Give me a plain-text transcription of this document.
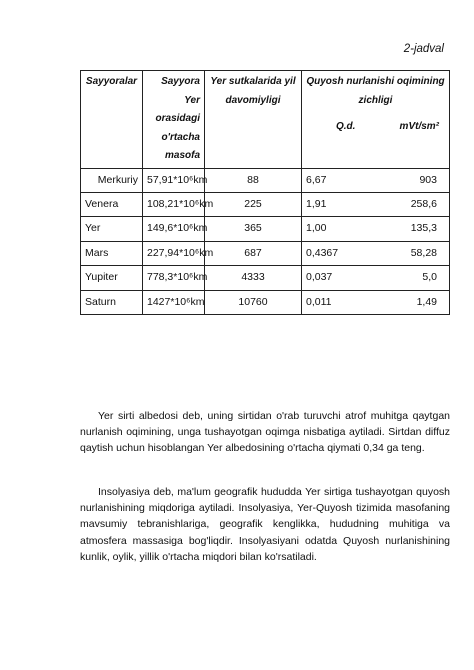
2-jadval
Sayyoralar	Sayyora Yer orasidagi o'rtacha masofa	Yer sutkalarida yil davomiyligi	Quyosh nurlanishi oqimining zichligi
Q.d. mVt/sm²

Merkuriy	57,91*10⁶km	88	6,67 903

Venera	108,21*10⁶km	225	1,91 258,6

Yer	149,6*10⁶km	365	1,00 135,3

Mars	227,94*10⁶km	687	0,4367 58,28

Yupiter	778,3*10⁶km	4333	0,037 5,0

Saturn	1427*10⁶km	10760	0,011 1,49

Yer sirti albedosi deb, uning sirtidan o'rab turuvchi atrof muhitga qaytgan nurlanish oqimining, unga tushayotgan oqimga nisbatiga aytiladi. Sirtdan diffuz qaytish uchun hisoblangan Yer albedosining o'rtacha qiymati 0,34 ga teng.

Insolyasiya deb, ma'lum geografik hududda Yer sirtiga tushayotgan quyosh nurlanishining miqdoriga aytiladi. Insolyasiya, Yer-Quyosh tizimida masofaning mavsumiy tebranishlariga, geografik kenglikka, hududning muhitiga va atmosfera massasiga bog'liqdir. Insolyasiyani odatda Quyosh nurlanishining kunlik, oylik, yillik o'rtacha miqdori bilan ko'rsatiladi.
